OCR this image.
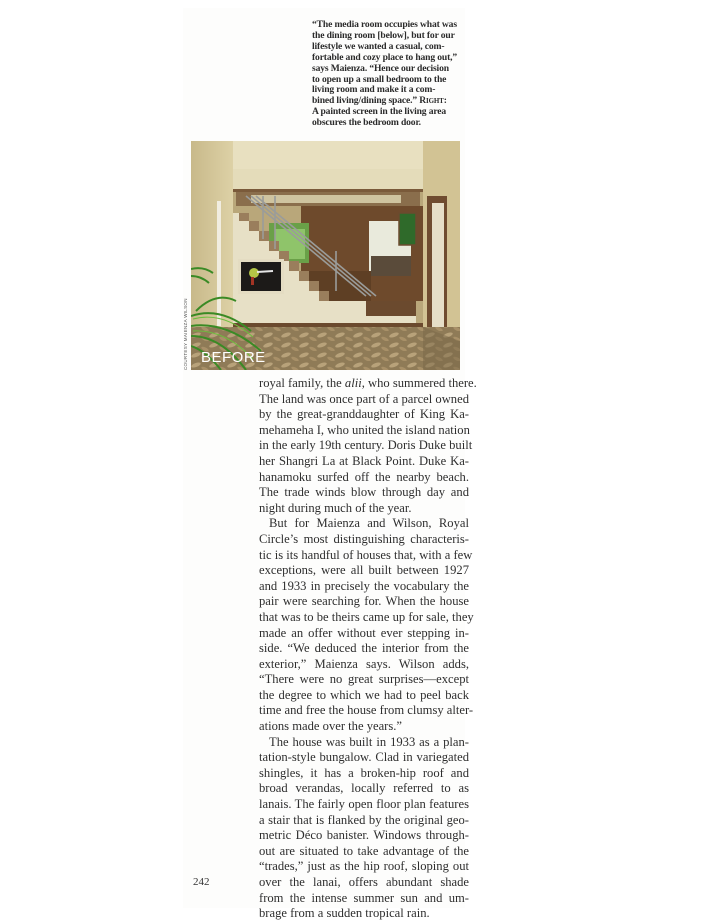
“The media room occupies what was
the dining room [below], but for our
lifestyle we wanted a casual, com-
fortable and cozy place to hang out,”
says Maienza. “Hence our decision
to open up a small bedroom to the
living room and make it a com-
bined living/dining space.” Right:
A painted screen in the living area
obscures the bedroom door.
BEFORE
COURTESY MAIENZA WILSON
royal family, the alii, who summered there.
The land was once part of a parcel owned
by the great-granddaughter of King Ka-
mehameha I, who united the island nation
in the early 19th century. Doris Duke built
her Shangri La at Black Point. Duke Ka-
hanamoku surfed off the nearby beach.
The trade winds blow through day and
night during much of the year.
But for Maienza and Wilson, Royal
Circle’s most distinguishing characteris-
tic is its handful of houses that, with a few
exceptions, were all built between 1927
and 1933 in precisely the vocabulary the
pair were searching for. When the house
that was to be theirs came up for sale, they
made an offer without ever stepping in-
side. “We deduced the interior from the
exterior,” Maienza says. Wilson adds,
“There were no great surprises—except
the degree to which we had to peel back
time and free the house from clumsy alter-
ations made over the years.”
The house was built in 1933 as a plan-
tation-style bungalow. Clad in variegated
shingles, it has a broken-hip roof and
broad verandas, locally referred to as
lanais. The fairly open floor plan features
a stair that is flanked by the original geo-
metric Déco banister. Windows through-
out are situated to take advantage of the
“trades,” just as the hip roof, sloping out
over the lanai, offers abundant shade
from the intense summer sun and um-
brage from a sudden tropical rain.
242
